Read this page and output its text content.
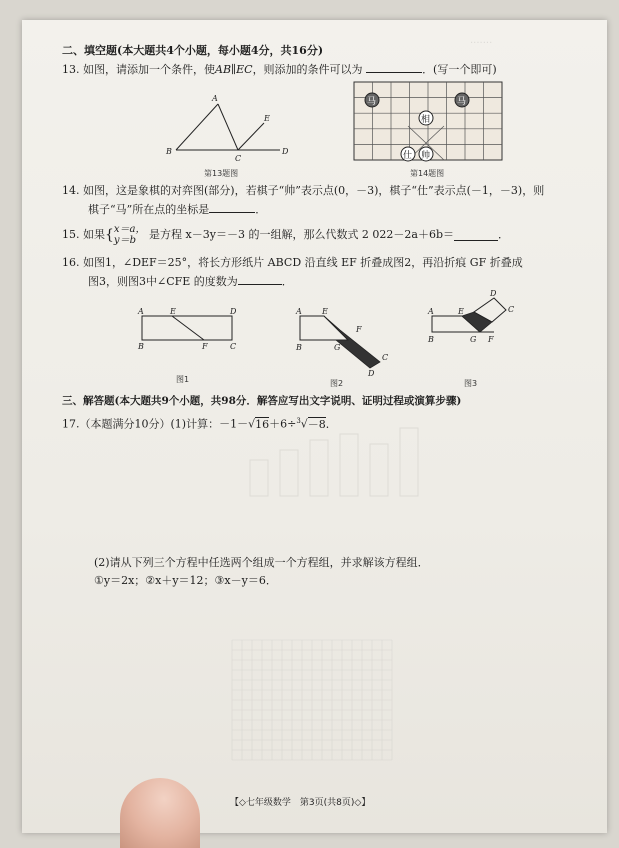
·······
二、填空题(本大题共4个小题，每小题4分，共16分)
13. 如图，请添加一个条件，使AB∥EC，则添加的条件可以为	．(写一个即可)
A
B
C
D
E
第13题图
马	马
相
仕 帅
第14题图
14. 如图，这是象棋的对弈图(部分)，若棋子“帅”表示点(0，－3)，棋子“仕”表示点(－1，－3)，则
棋子“马”所在点的坐标是	．
15. 如果{x＝a，
y＝b 是方程 x－3y＝－3 的一组解，那么代数式 2 022－2a＋6b＝	．
16. 如图1，∠DEF＝25°，将长方形纸片 ABCD 沿直线 EF 折叠成图2，再沿折痕 GF 折叠成
图3，则图3中∠CFE 的度数为	．
A	E	D
B	F	C
图1
A	E
B	G
F
C
D
图2
A	E
D
C
B	G F
图3
三、解答题(本大题共9个小题，共98分．解答应写出文字说明、证明过程或演算步骤)
17.（本题满分10分）(1)计算：－1－√16＋6÷$^3$√－8．
(2)请从下列三个方程中任选两个组成一个方程组，并求解该方程组．
①y＝2x；②x＋y＝12；③x－y＝6．
【◇七年级数学　第3页(共8页)◇】
